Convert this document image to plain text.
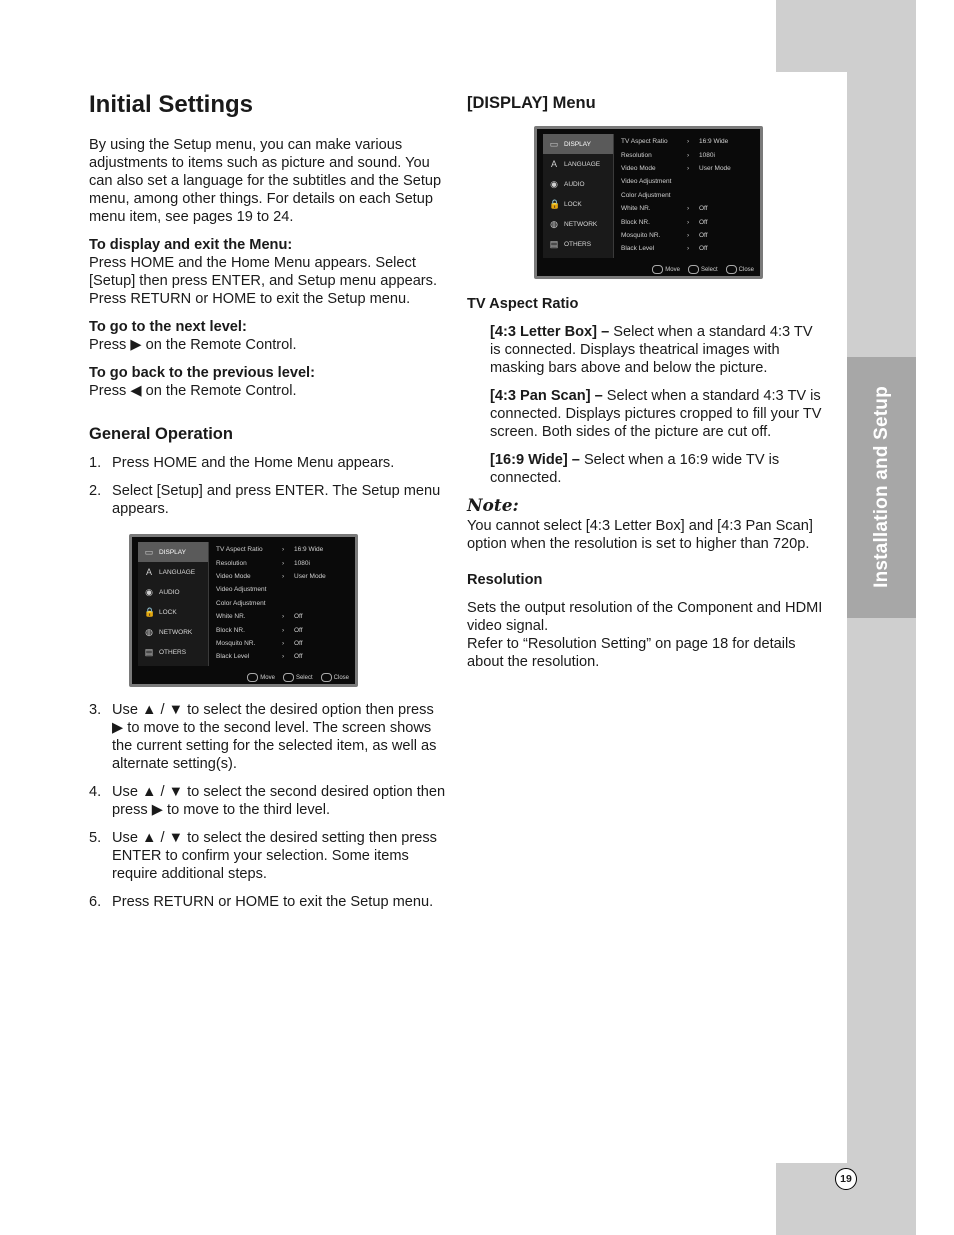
Installation and Setup
19
Initial Settings

By using the Setup menu, you can make various adjustments to items such as picture and sound. You can also set a language for the subtitles and the Setup menu, among other things. For details on each Setup menu item, see pages 19 to 24.

To display and exit the Menu:

Press HOME and the Home Menu appears. Select [Setup] then press ENTER, and Setup menu appears.

Press RETURN or HOME to exit the Setup menu.

To go to the next level:

Press ▶ on the Remote Control.

To go back to the previous level:

Press ◀ on the Remote Control.

General Operation
1. Press HOME and the Home Menu appears.
2. Select [Setup] and press ENTER. The Setup menu appears.
▭ DISPLAY
A	LANGUAGE
◉ AUDIO
🔒 LOCK
◍ NETWORK
▤ OTHERS
TV Aspect Ratio	›	16:9 Wide
Resolution	›	1080i
Video Mode	›	User Mode
Video Adjustment
Color Adjustment
White NR.	›	Off
Block NR.	›	Off
Mosquito NR.	›	Off
Black Level	›	Off
Move	Select	Close
3. Use ▲ / ▼ to select the desired option then press ▶ to move to the second level. The screen shows the current setting for the selected item, as well as alternate setting(s).
4. Use ▲ / ▼ to select the second desired option then press ▶ to move to the third level.
5. Use ▲ / ▼ to select the desired setting then press ENTER to confirm your selection. Some items require additional steps.
6. Press RETURN or HOME to exit the Setup menu.
[DISPLAY] Menu
▭ DISPLAY
A	LANGUAGE
◉ AUDIO
🔒 LOCK
◍ NETWORK
▤ OTHERS
TV Aspect Ratio	›	16:9 Wide
Resolution	›	1080i
Video Mode	›	User Mode
Video Adjustment
Color Adjustment
White NR.	›	Off
Block NR.	›	Off
Mosquito NR.	›	Off
Black Level	›	Off
Move	Select	Close

TV Aspect Ratio

[4:3 Letter Box] – Select when a standard 4:3 TV is connected. Displays theatrical images with masking bars above and below the picture.

[4:3 Pan Scan] – Select when a standard 4:3 TV is connected. Displays pictures cropped to fill your TV screen. Both sides of the picture are cut off.

[16:9 Wide] – Select when a 16:9 wide TV is connected.

Note:

You cannot select [4:3 Letter Box] and [4:3 Pan Scan] option when the resolution is set to higher than 720p.

Resolution

Sets the output resolution of the Component and HDMI video signal.

Refer to “Resolution Setting” on page 18 for details about the resolution.
